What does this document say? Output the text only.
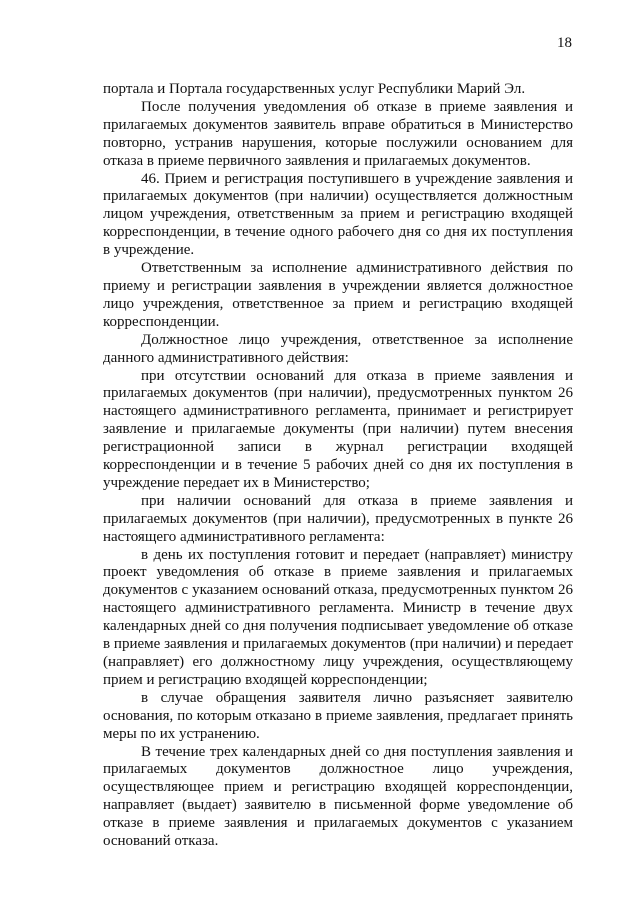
18

портала и Портала государственных услуг Республики Марий Эл.

После получения уведомления об отказе в приеме заявления и прилагаемых документов заявитель вправе обратиться в Министерство повторно, устранив нарушения, которые послужили основанием для отказа в приеме первичного заявления и прилагаемых документов.

46. Прием и регистрация поступившего в учреждение заявления и прилагаемых документов (при наличии) осуществляется должностным лицом учреждения, ответственным за прием и регистрацию входящей корреспонденции, в течение одного рабочего дня со дня их поступления в учреждение.

Ответственным за исполнение административного действия по приему и регистрации заявления в учреждении является должностное лицо учреждения, ответственное за прием и регистрацию входящей корреспонденции.

Должностное лицо учреждения, ответственное за исполнение данного административного действия:

при отсутствии оснований для отказа в приеме заявления и прилагаемых документов (при наличии), предусмотренных пунктом 26 настоящего административного регламента, принимает и регистрирует заявление и прилагаемые документы (при наличии) путем внесения регистрационной записи в журнал регистрации входящей корреспонденции и в течение 5 рабочих дней со дня их поступления в учреждение передает их в Министерство;

при наличии оснований для отказа в приеме заявления и прилагаемых документов (при наличии), предусмотренных в пункте 26 настоящего административного регламента:

в день их поступления готовит и передает (направляет) министру проект уведомления об отказе в приеме заявления и прилагаемых документов с указанием оснований отказа, предусмотренных пунктом 26 настоящего административного регламента. Министр в течение двух календарных дней со дня получения подписывает уведомление об отказе в приеме заявления и прилагаемых документов (при наличии) и передает (направляет) его должностному лицу учреждения, осуществляющему прием и регистрацию входящей корреспонденции;

в случае обращения заявителя лично разъясняет заявителю основания, по которым отказано в приеме заявления, предлагает принять меры по их устранению.

В течение трех календарных дней со дня поступления заявления и прилагаемых документов должностное лицо учреждения, осуществляющее прием и регистрацию входящей корреспонденции, направляет (выдает) заявителю в письменной форме уведомление об отказе в приеме заявления и прилагаемых документов с указанием оснований отказа.
